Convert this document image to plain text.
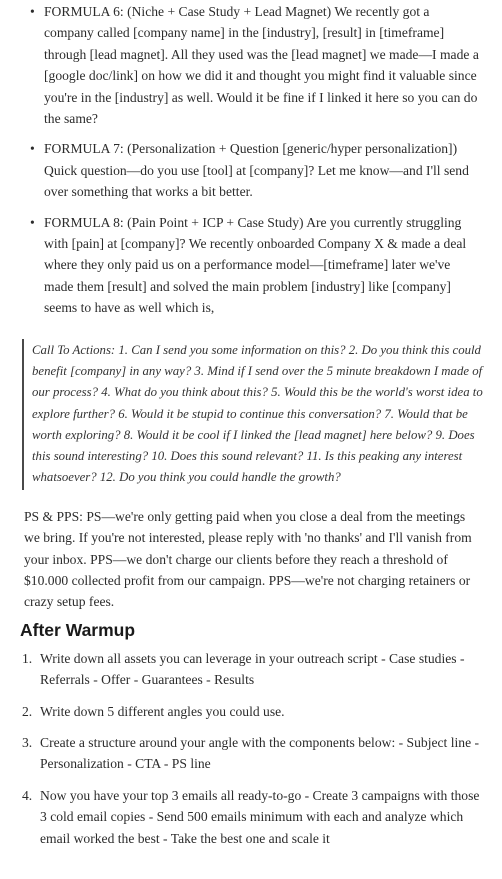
• FORMULA 6: (Niche + Case Study + Lead Magnet) We recently got a company called [company name] in the [industry], [result] in [timeframe] through [lead magnet]. All they used was the [lead magnet] we made—I made a [google doc/link] on how we did it and thought you might find it valuable since you're in the [industry] as well. Would it be fine if I linked it here so you can do the same?
• FORMULA 7: (Personalization + Question [generic/hyper personalization]) Quick question—do you use [tool] at [company]? Let me know—and I'll send over something that works a bit better.
• FORMULA 8: (Pain Point + ICP + Case Study) Are you currently struggling with [pain] at [company]? We recently onboarded Company X & made a deal where they only paid us on a performance model—[timeframe] later we've made them [result] and solved the main problem [industry] like [company] seems to have as well which is,
Call To Actions: 1. Can I send you some information on this? 2. Do you think this could benefit [company] in any way? 3. Mind if I send over the 5 minute breakdown I made of our process? 4. What do you think about this? 5. Would this be the world's worst idea to explore further? 6. Would it be stupid to continue this conversation? 7. Would that be worth exploring? 8. Would it be cool if I linked the [lead magnet] here below? 9. Does this sound interesting? 10. Does this sound relevant? 11. Is this peaking any interest whatsoever? 12. Do you think you could handle the growth?

PS & PPS: PS—we're only getting paid when you close a deal from the meetings we bring. If you're not interested, please reply with 'no thanks' and I'll vanish from your inbox. PPS—we don't charge our clients before they reach a threshold of $10.000 collected profit from our campaign. PPS—we're not charging retainers or crazy setup fees.

After Warmup
1. Write down all assets you can leverage in your outreach script - Case studies - Referrals - Offer - Guarantees - Results
2. Write down 5 different angles you could use.
3. Create a structure around your angle with the components below: - Subject line - Personalization - CTA - PS line
4. Now you have your top 3 emails all ready-to-go - Create 3 campaigns with those 3 cold email copies - Send 500 emails minimum with each and analyze which email worked the best - Take the best one and scale it
